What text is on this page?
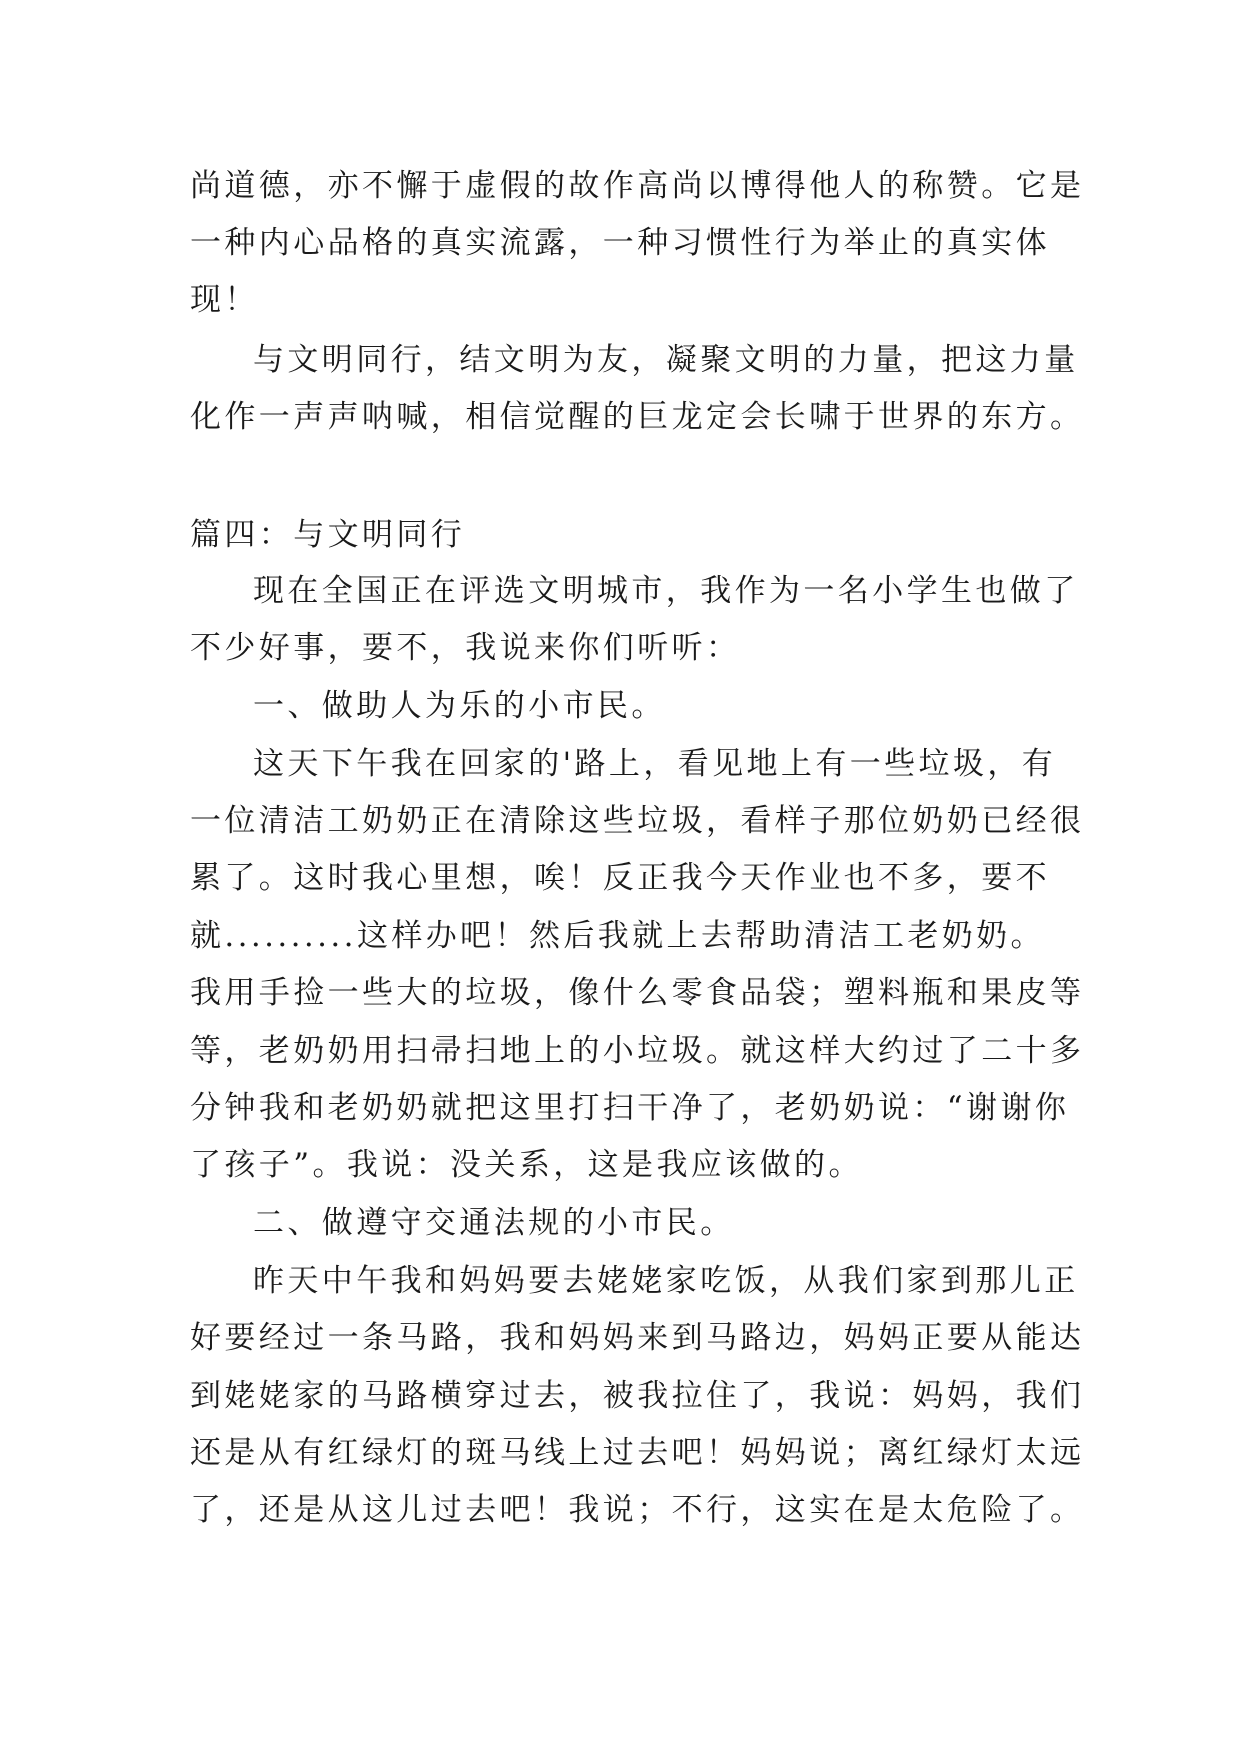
尚道德，亦不懈于虚假的故作高尚以博得他人的称赞。它是
一种内心品格的真实流露，一种习惯性行为举止的真实体
现！
与文明同行，结文明为友，凝聚文明的力量，把这力量
化作一声声呐喊，相信觉醒的巨龙定会长啸于世界的东方。
篇四：与文明同行
现在全国正在评选文明城市，我作为一名小学生也做了
不少好事，要不，我说来你们听听：
一、做助人为乐的小市民。
这天下午我在回家的'路上，看见地上有一些垃圾，有
一位清洁工奶奶正在清除这些垃圾，看样子那位奶奶已经很
累了。这时我心里想，唉！反正我今天作业也不多，要不
就..........这样办吧！然后我就上去帮助清洁工老奶奶。
我用手捡一些大的垃圾，像什么零食品袋；塑料瓶和果皮等
等，老奶奶用扫帚扫地上的小垃圾。就这样大约过了二十多
分钟我和老奶奶就把这里打扫干净了，老奶奶说：“谢谢你
了孩子”。我说：没关系，这是我应该做的。
二、做遵守交通法规的小市民。
昨天中午我和妈妈要去姥姥家吃饭，从我们家到那儿正
好要经过一条马路，我和妈妈来到马路边，妈妈正要从能达
到姥姥家的马路横穿过去，被我拉住了，我说：妈妈，我们
还是从有红绿灯的斑马线上过去吧！妈妈说；离红绿灯太远
了，还是从这儿过去吧！我说；不行，这实在是太危险了。
